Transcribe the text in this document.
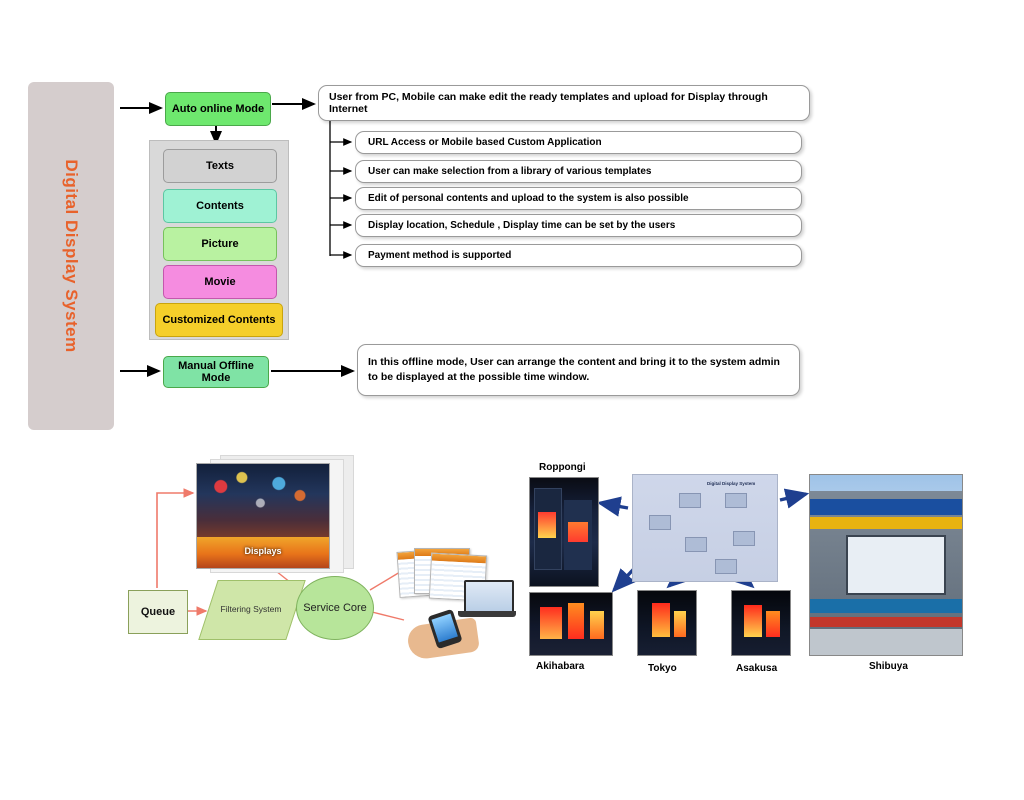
Digital Display System
Auto online Mode
Manual Offline Mode
Texts
Contents
Picture
Movie
Customized Contents
User from PC, Mobile can make edit the ready templates and upload for Display through Internet
In this offline mode, User can arrange the content and bring it to the system admin to be displayed at the possible time window.
URL Access or Mobile based Custom Application
User can make selection from a library of various templates
Edit of personal contents and upload to the system is also possible
Display location, Schedule , Display time can be set by the users
Payment method is supported
Displays
Queue	Filtering System	Service Core
Digital Display System
Roppongi
Akihabara	Tokyo	Asakusa	Shibuya
